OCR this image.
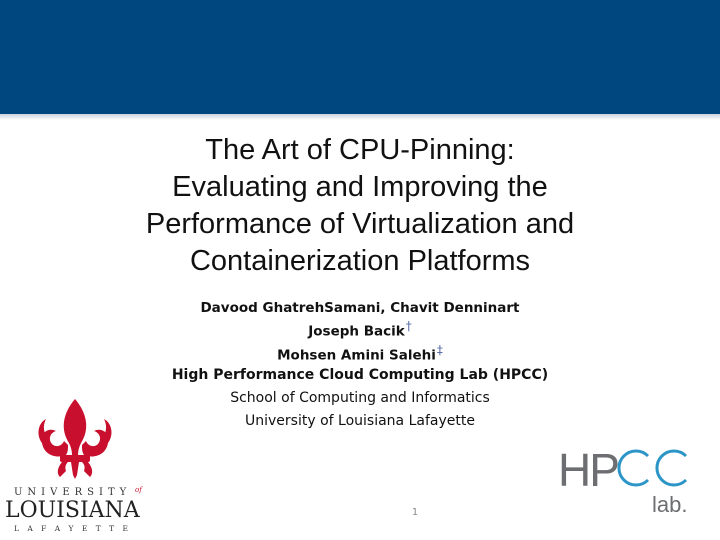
The Art of CPU-Pinning:
Evaluating and Improving the
Performance of Virtualization and
Containerization Platforms
Davood GhatrehSamani, Chavit Denninart
Joseph Bacik†
Mohsen Amini Salehi‡
High Performance Cloud Computing Lab (HPCC)
School of Computing and Informatics
University of Louisiana Lafayette
UNIVERSITY of
LOUISIANA
L A F A Y E T T E
HP
lab.
1
